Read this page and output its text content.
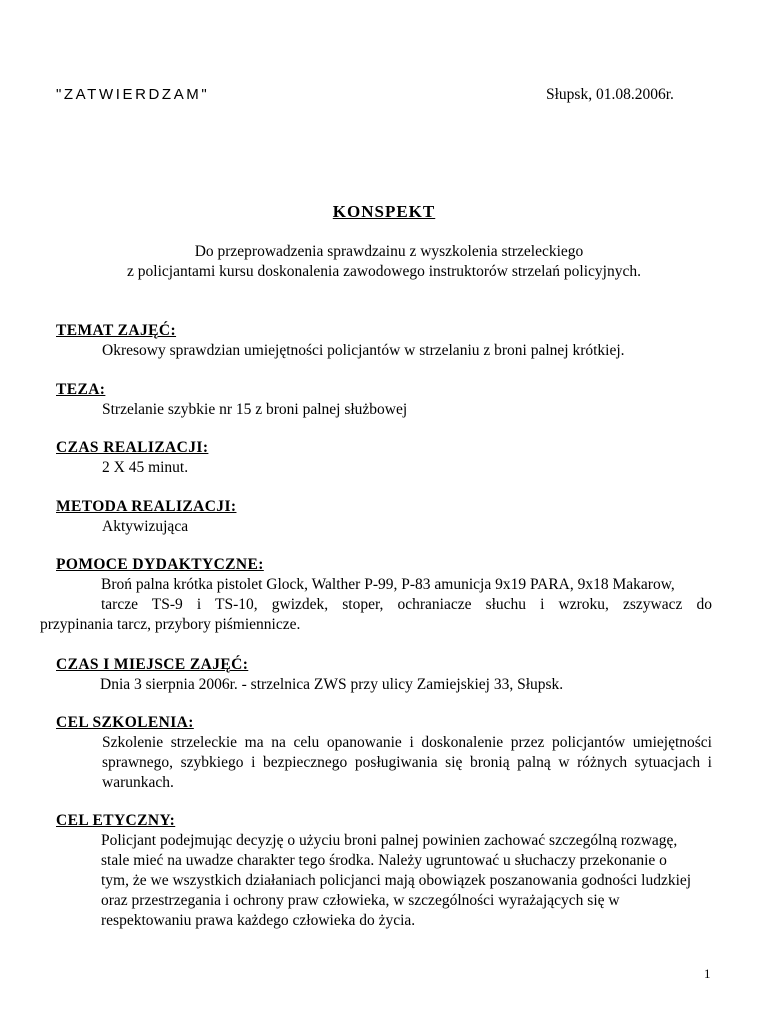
"ZATWIERDZAM"	Słupsk, 01.08.2006r.
KONSPEKT
Do przeprowadzenia sprawdzainu z wyszkolenia strzeleckiego
z policjantami kursu doskonalenia zawodowego instruktorów strzelań policyjnych.
TEMAT ZAJĘĆ:
Okresowy sprawdzian umiejętności policjantów w strzelaniu z broni palnej krótkiej.
TEZA:
Strzelanie szybkie nr 15 z broni palnej służbowej
CZAS REALIZACJI:
2 X 45 minut.
METODA REALIZACJI:
Aktywizująca
POMOCE DYDAKTYCZNE:
Broń palna krótka pistolet Glock, Walther P-99, P-83 amunicja 9x19 PARA, 9x18 Makarow,
tarcze TS-9 i TS-10, gwizdek, stoper, ochraniacze słuchu i wzroku, zszywacz do
przypinania tarcz, przybory piśmiennicze.
CZAS I MIEJSCE ZAJĘĆ:
Dnia 3 sierpnia 2006r. - strzelnica ZWS przy ulicy Zamiejskiej 33, Słupsk.
CEL SZKOLENIA:
Szkolenie strzeleckie ma na celu opanowanie i doskonalenie przez policjantów umiejętności sprawnego, szybkiego i bezpiecznego posługiwania się bronią palną w różnych sytuacjach i warunkach.
CEL ETYCZNY:
Policjant podejmując decyzję o użyciu broni palnej powinien zachować szczególną rozwagę,
stale mieć na uwadze charakter tego środka. Należy ugruntować u słuchaczy przekonanie o
tym, że we wszystkich działaniach policjanci mają obowiązek poszanowania godności ludzkiej
oraz przestrzegania i ochrony praw człowieka, w szczególności wyrażających się w
respektowaniu prawa każdego człowieka do życia.
1
